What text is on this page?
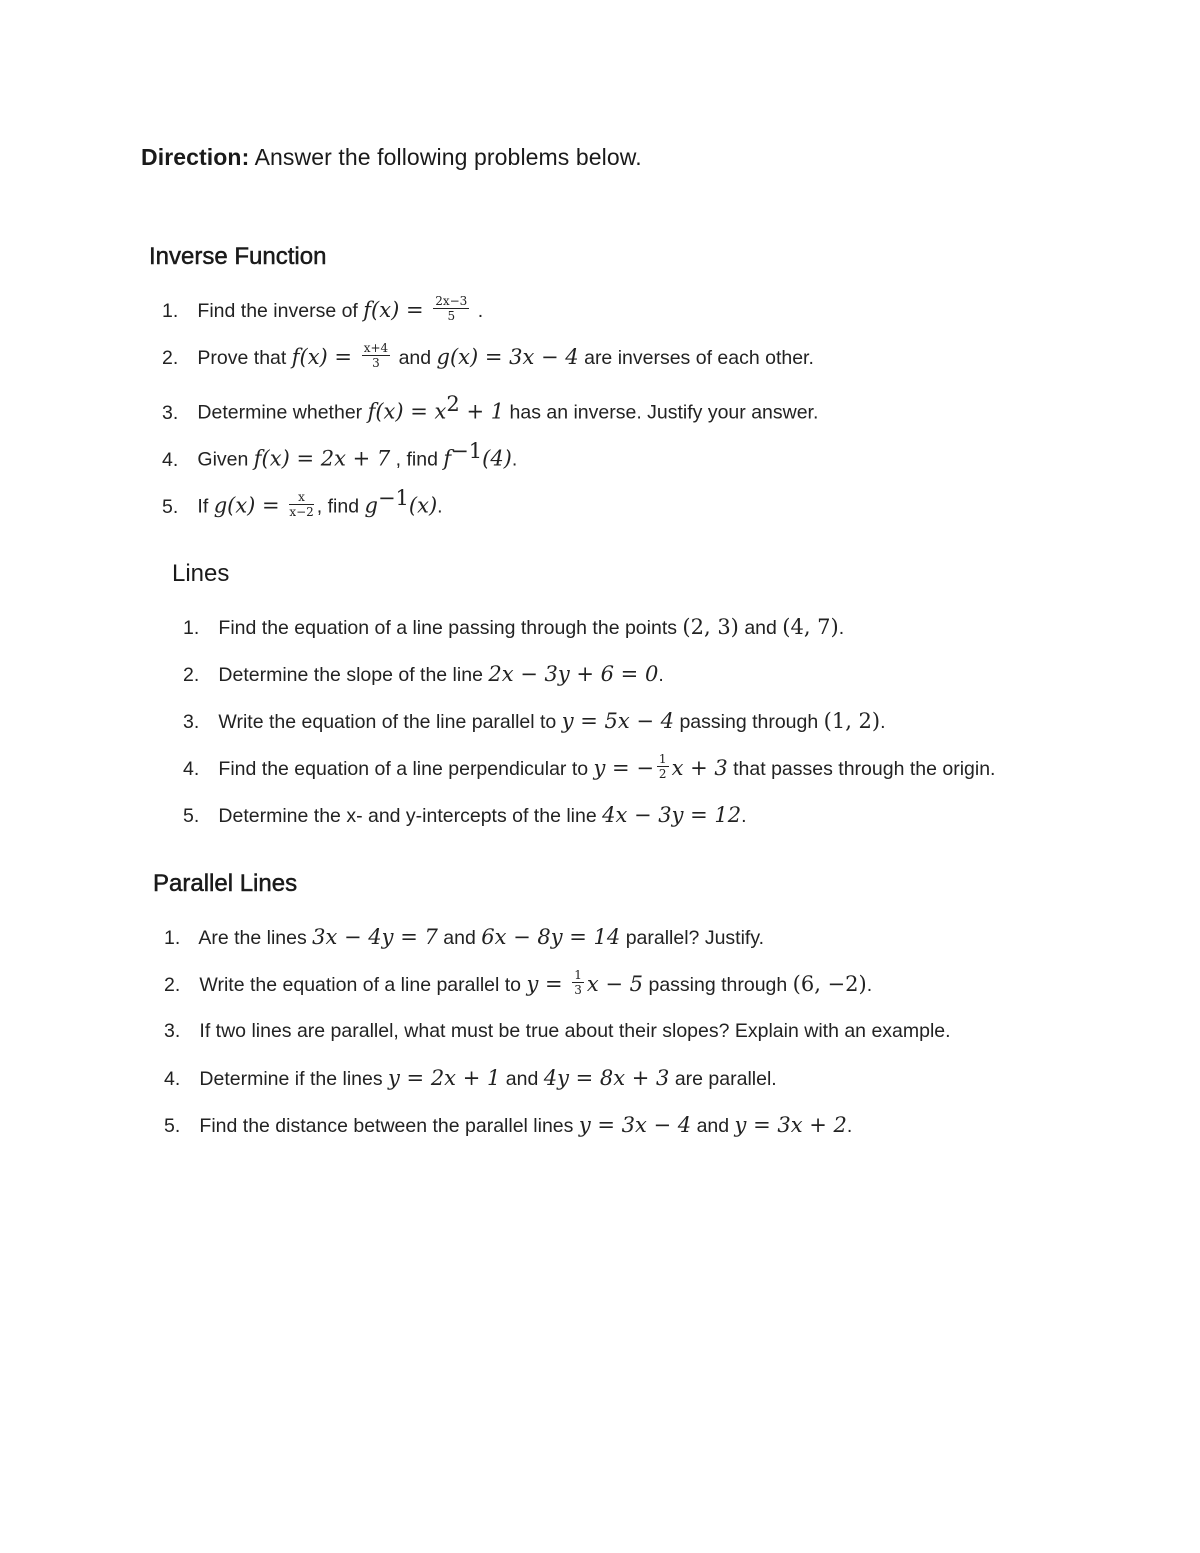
Direction: Answer the following problems below.
Inverse Function
1. Find the inverse of $f(x) = \frac{2x-3}{5}$ .
2. Prove that $f(x) = \frac{x+4}{3}$ and g(x) = 3x − 4 are inverses of each other.
3. Determine whether $f(x) = x^2 + 1$ has an inverse. Justify your answer.
4. Given f(x) = 2x + 7 , find $f^{-1}(4)$.
5. If $g(x) = \frac{x}{x-2}$ , find $g^{-1}(x)$.
Lines
1. Find the equation of a line passing through the points (2, 3) and (4, 7).
2. Determine the slope of the line 2x − 3y + 6 = 0.
3. Write the equation of the line parallel to y = 5x − 4 passing through (1, 2).
4. Find the equation of a line perpendicular to y = − $\frac{1}{2}$ x + 3 that passes through the origin.
5. Determine the x- and y-intercepts of the line 4x − 3y = 12.
Parallel Lines
1. Are the lines 3x − 4y = 7 and 6x − 8y = 14 parallel? Justify.
2. Write the equation of a line parallel to $y = \frac{1}{3}$ x − 5 passing through (6, −2).
3. If two lines are parallel, what must be true about their slopes? Explain with an example.
4. Determine if the lines y = 2x + 1 and 4y = 8x + 3 are parallel.
5. Find the distance between the parallel lines y = 3x − 4 and y = 3x + 2.
